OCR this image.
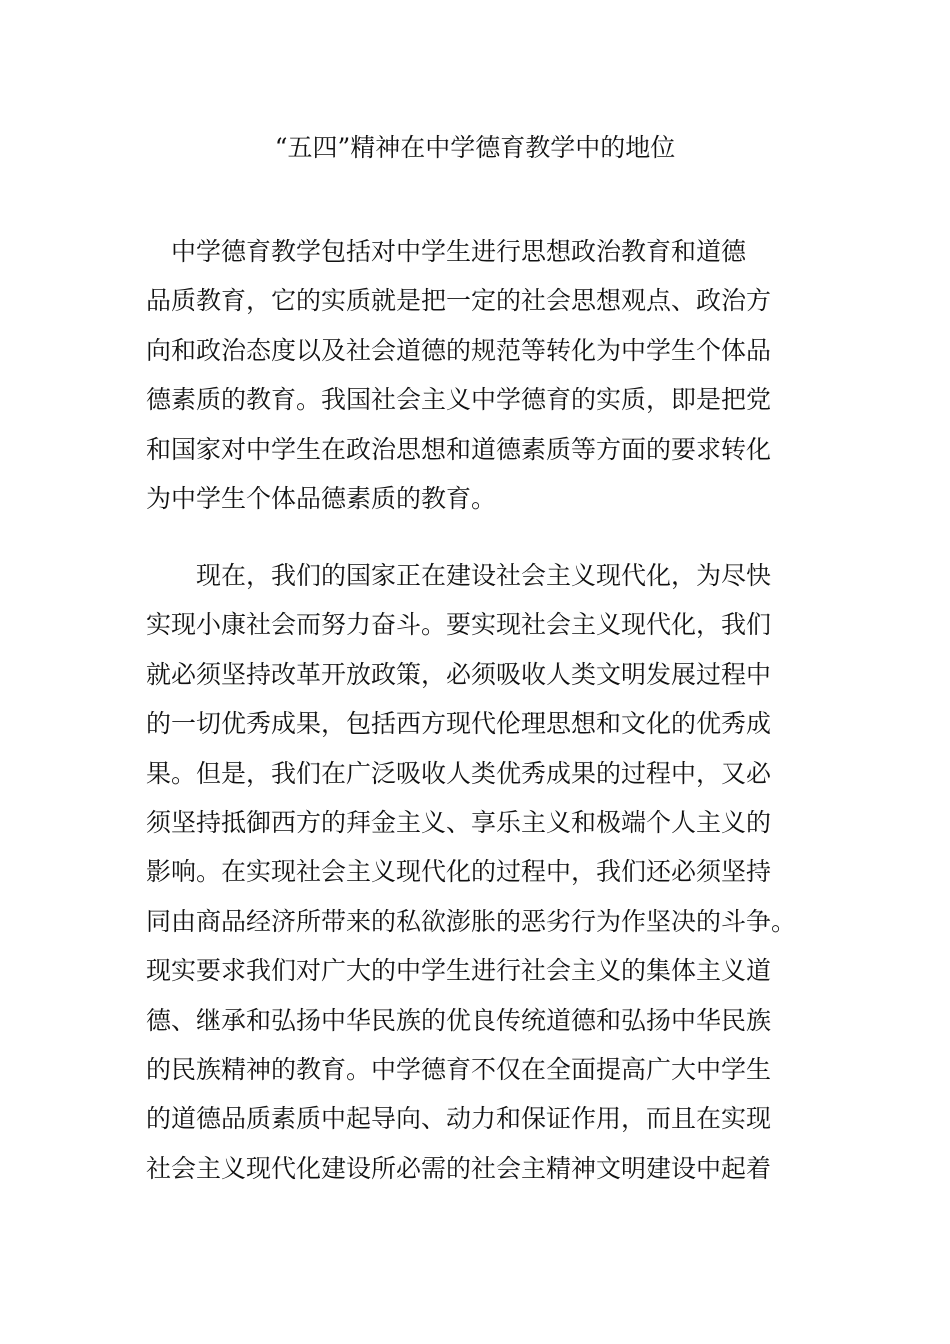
“五四”精神在中学德育教学中的地位

　中学德育教学包括对中学生进行思想政治教育和道德
品质教育，它的实质就是把一定的社会思想观点、政治方
向和政治态度以及社会道德的规范等转化为中学生个体品
德素质的教育。我国社会主义中学德育的实质，即是把党
和国家对中学生在政治思想和道德素质等方面的要求转化
为中学生个体品德素质的教育。

　　现在，我们的国家正在建设社会主义现代化，为尽快
实现小康社会而努力奋斗。要实现社会主义现代化，我们
就必须坚持改革开放政策，必须吸收人类文明发展过程中
的一切优秀成果，包括西方现代伦理思想和文化的优秀成
果。但是，我们在广泛吸收人类优秀成果的过程中，又必
须坚持抵御西方的拜金主义、享乐主义和极端个人主义的
影响。在实现社会主义现代化的过程中，我们还必须坚持
同由商品经济所带来的私欲澎胀的恶劣行为作坚决的斗争。
现实要求我们对广大的中学生进行社会主义的集体主义道
德、继承和弘扬中华民族的优良传统道德和弘扬中华民族
的民族精神的教育。中学德育不仅在全面提高广大中学生
的道德品质素质中起导向、动力和保证作用，而且在实现
社会主义现代化建设所必需的社会主精神文明建设中起着
